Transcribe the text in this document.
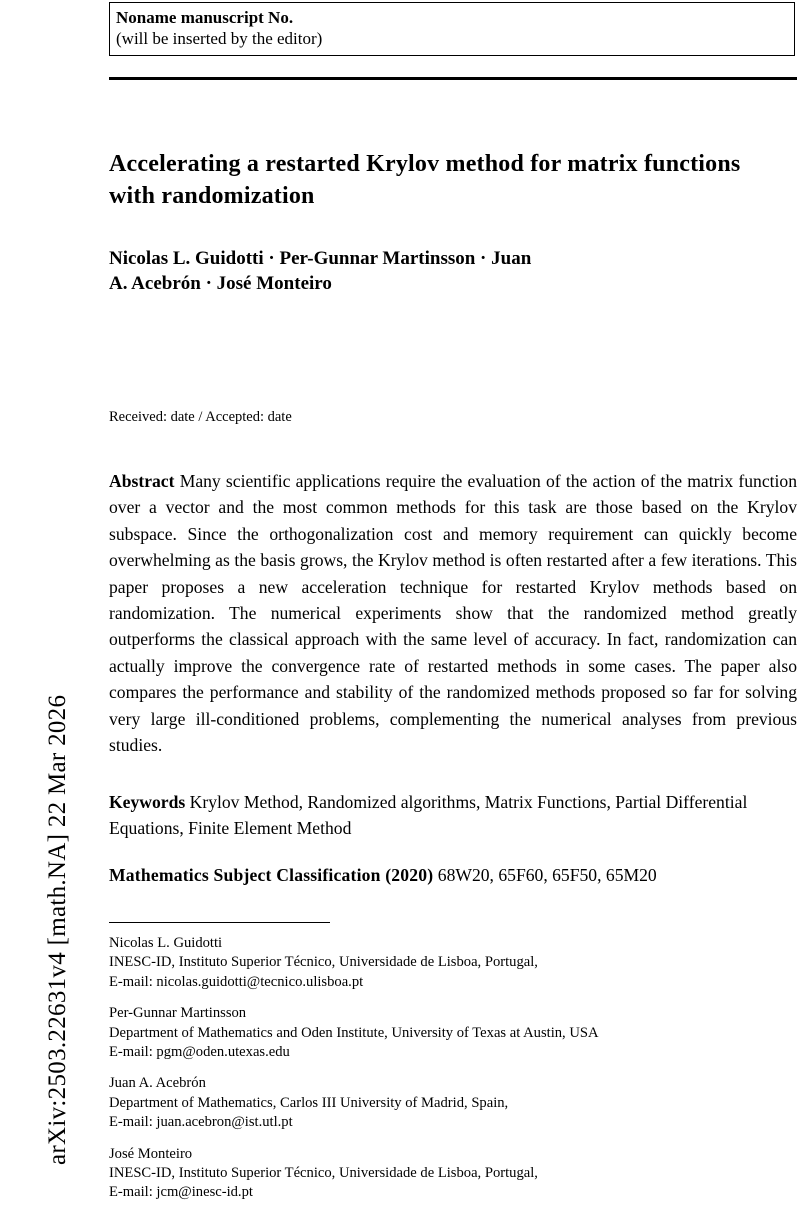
arXiv:2503.22631v4 [math.NA] 22 Mar 2026
Noname manuscript No.
(will be inserted by the editor)
Accelerating a restarted Krylov method for matrix functions with randomization
Nicolas L. Guidotti · Per-Gunnar Martinsson · Juan A. Acebrón · José Monteiro
Received: date / Accepted: date
Abstract Many scientific applications require the evaluation of the action of the matrix function over a vector and the most common methods for this task are those based on the Krylov subspace. Since the orthogonalization cost and memory requirement can quickly become overwhelming as the basis grows, the Krylov method is often restarted after a few iterations. This paper proposes a new acceleration technique for restarted Krylov methods based on randomization. The numerical experiments show that the randomized method greatly outperforms the classical approach with the same level of accuracy. In fact, randomization can actually improve the convergence rate of restarted methods in some cases. The paper also compares the performance and stability of the randomized methods proposed so far for solving very large ill-conditioned problems, complementing the numerical analyses from previous studies.
Keywords Krylov Method, Randomized algorithms, Matrix Functions, Partial Differential Equations, Finite Element Method
Mathematics Subject Classification (2020) 68W20, 65F60, 65F50, 65M20
Nicolas L. Guidotti
INESC-ID, Instituto Superior Técnico, Universidade de Lisboa, Portugal,
E-mail: nicolas.guidotti@tecnico.ulisboa.pt
Per-Gunnar Martinsson
Department of Mathematics and Oden Institute, University of Texas at Austin, USA
E-mail: pgm@oden.utexas.edu
Juan A. Acebrón
Department of Mathematics, Carlos III University of Madrid, Spain,
E-mail: juan.acebron@ist.utl.pt
José Monteiro
INESC-ID, Instituto Superior Técnico, Universidade de Lisboa, Portugal,
E-mail: jcm@inesc-id.pt
